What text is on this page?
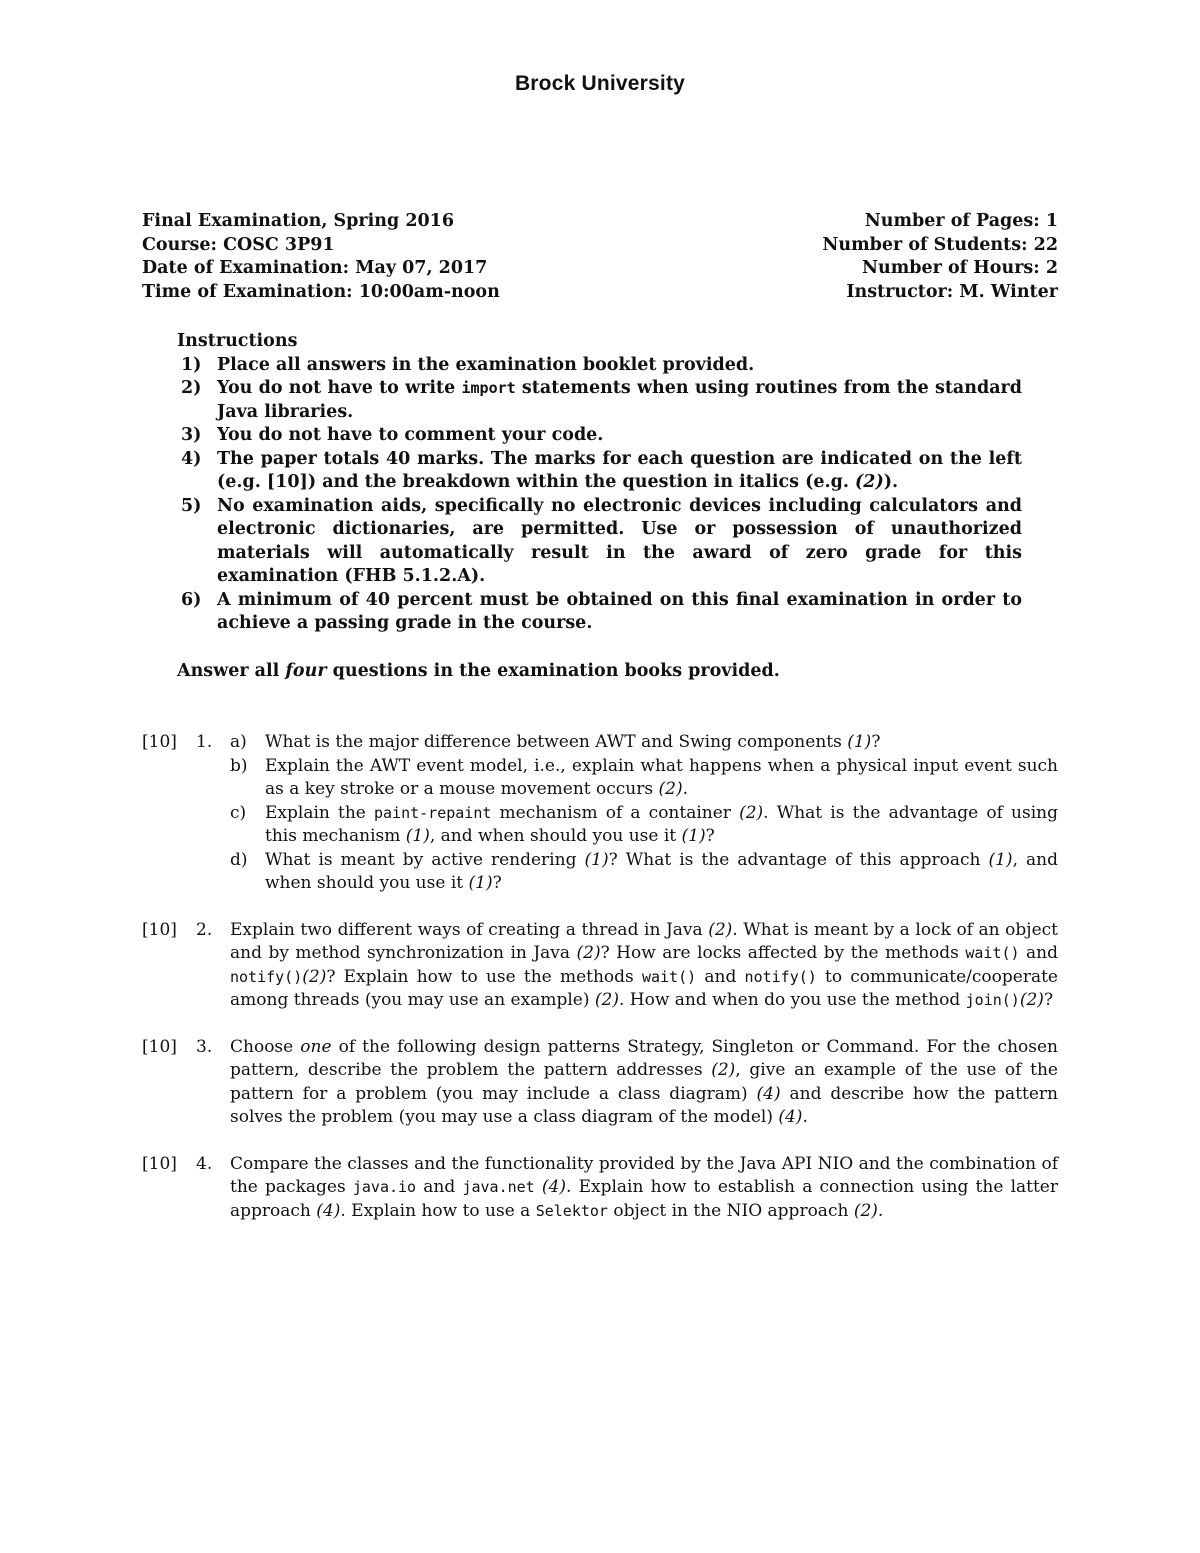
Brock University
Final Examination, Spring 2016	Number of Pages: 1
Course: COSC 3P91	Number of Students: 22
Date of Examination: May 07, 2017	Number of Hours: 2
Time of Examination: 10:00am-noon	Instructor: M. Winter
Instructions
1) Place all answers in the examination booklet provided.
2) You do not have to write import statements when using routines from the standard Java libraries.
3) You do not have to comment your code.
4) The paper totals 40 marks. The marks for each question are indicated on the left (e.g. [10]) and the breakdown within the question in italics (e.g. (2)).
5) No examination aids, specifically no electronic devices including calculators and electronic dictionaries, are permitted. Use or possession of unauthorized materials will automatically result in the award of zero grade for this examination (FHB 5.1.2.A).
6) A minimum of 40 percent must be obtained on this final examination in order to achieve a passing grade in the course.
Answer all four questions in the examination books provided.
[10]	1.	a)	What is the major difference between AWT and Swing components (1)?
b)	Explain the AWT event model, i.e., explain what happens when a physical input event such as a key stroke or a mouse movement occurs (2).
c)	Explain the paint-repaint mechanism of a container (2). What is the advantage of using this mechanism (1), and when should you use it (1)?
d)	What is meant by active rendering (1)? What is the advantage of this approach (1), and when should you use it (1)?
[10]	2.	Explain two different ways of creating a thread in Java (2). What is meant by a lock of an object and by method synchronization in Java (2)? How are locks affected by the methods wait() and notify()(2)? Explain how to use the methods wait() and notify() to communicate/cooperate among threads (you may use an example) (2). How and when do you use the method join()(2)?
[10]	3.	Choose one of the following design patterns Strategy, Singleton or Command. For the chosen pattern, describe the problem the pattern addresses (2), give an example of the use of the pattern for a problem (you may include a class diagram) (4) and describe how the pattern solves the problem (you may use a class diagram of the model) (4).
[10]	4.	Compare the classes and the functionality provided by the Java API NIO and the combination of the packages java.io and java.net (4). Explain how to establish a connection using the latter approach (4). Explain how to use a Selektor object in the NIO approach (2).
